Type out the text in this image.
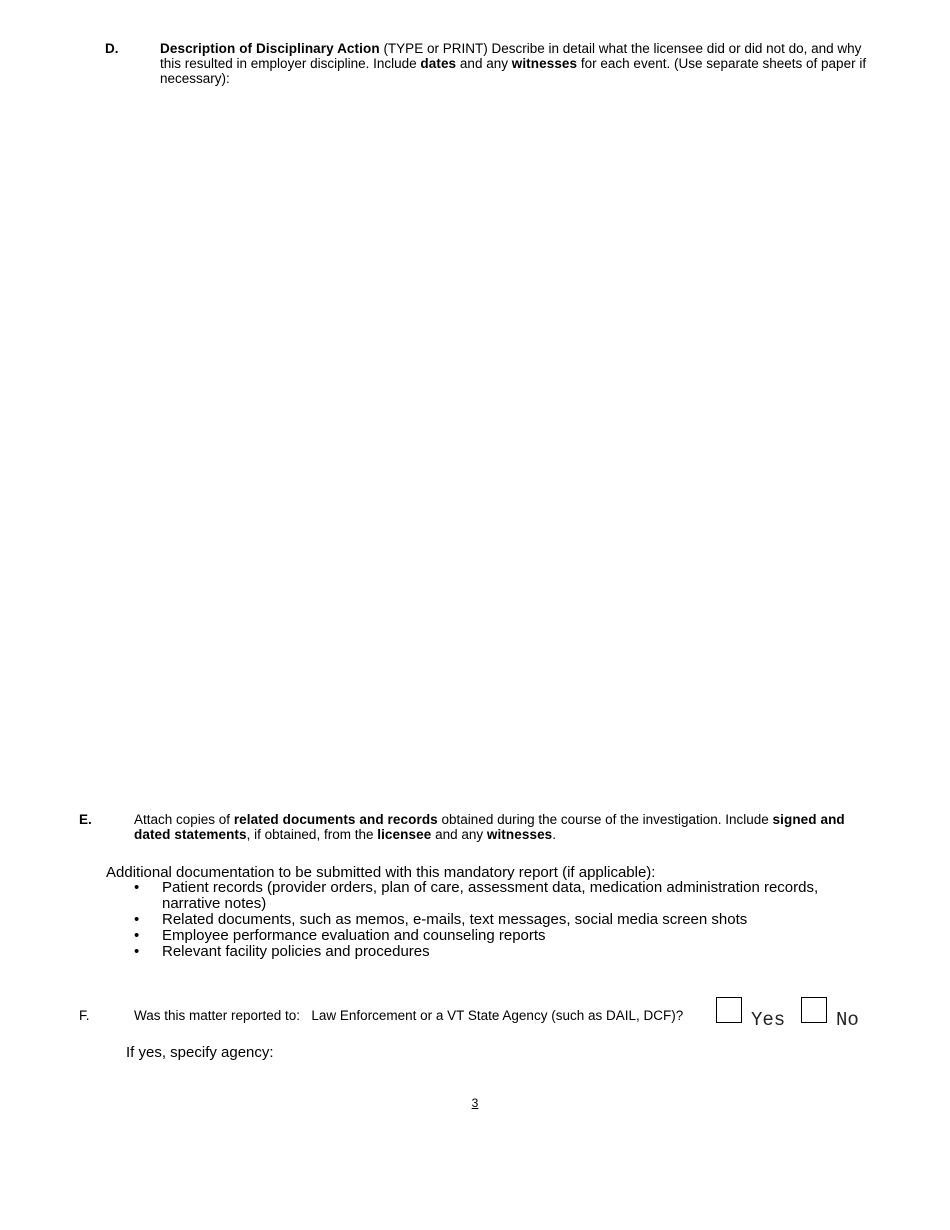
D.	Description of Disciplinary Action (TYPE or PRINT) Describe in detail what the licensee did or did not do, and why this resulted in employer discipline. Include dates and any witnesses for each event. (Use separate sheets of paper if necessary):
E.	Attach copies of related documents and records obtained during the course of the investigation. Include signed and dated statements, if obtained, from the licensee and any witnesses.
Additional documentation to be submitted with this mandatory report (if applicable):
• Patient records (provider orders, plan of care, assessment data, medication administration records, narrative notes)
• Related documents, such as memos, e-mails, text messages, social media screen shots
• Employee performance evaluation and counseling reports
• Relevant facility policies and procedures
F.	Was this matter reported to:   Law Enforcement or a VT State Agency (such as DAIL, DCF)?	Yes	No
If yes, specify agency:
3
